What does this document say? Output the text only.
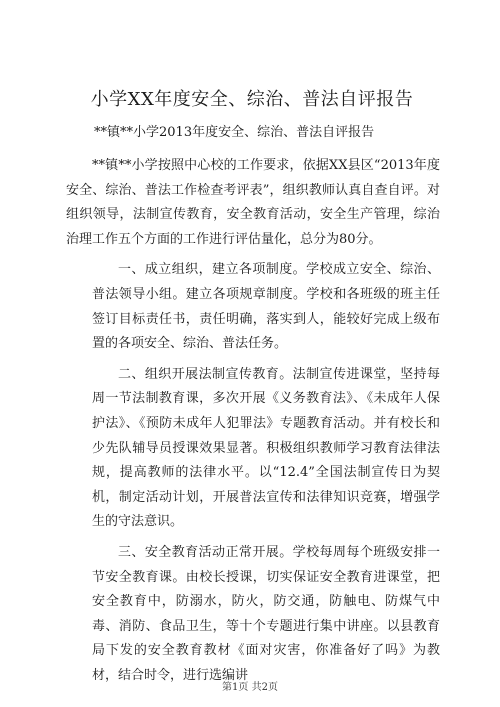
小学XX年度安全、综治、普法自评报告

**镇**小学2013年度安全、综治、普法自评报告

**镇**小学按照中心校的工作要求，依据XX县区“2013年度安全、综治、普法工作检查考评表”，组织教师认真自查自评。对组织领导，法制宣传教育，安全教育活动，安全生产管理，综治治理工作五个方面的工作进行评估量化，总分为80分。

一、成立组织，建立各项制度。学校成立安全、综治、普法领导小组。建立各项规章制度。学校和各班级的班主任签订目标责任书，责任明确，落实到人，能较好完成上级布置的各项安全、综治、普法任务。

二、组织开展法制宣传教育。法制宣传进课堂，坚持每周一节法制教育课，多次开展《义务教育法》、《未成年人保护法》、《预防未成年人犯罪法》专题教育活动。并有校长和少先队辅导员授课效果显著。积极组织教师学习教育法律法规，提高教师的法律水平。以“12.4”全国法制宣传日为契机，制定活动计划，开展普法宣传和法律知识竞赛，增强学生的守法意识。

三、安全教育活动正常开展。学校每周每个班级安排一节安全教育课。由校长授课，切实保证安全教育进课堂，把安全教育中，防溺水，防火，防交通，防触电、防煤气中毒、消防、食品卫生，等十个专题进行集中讲座。以县教育局下发的安全教育教材《面对灾害，你准备好了吗》为教材，结合时令，进行选编讲

第1页 共2页
